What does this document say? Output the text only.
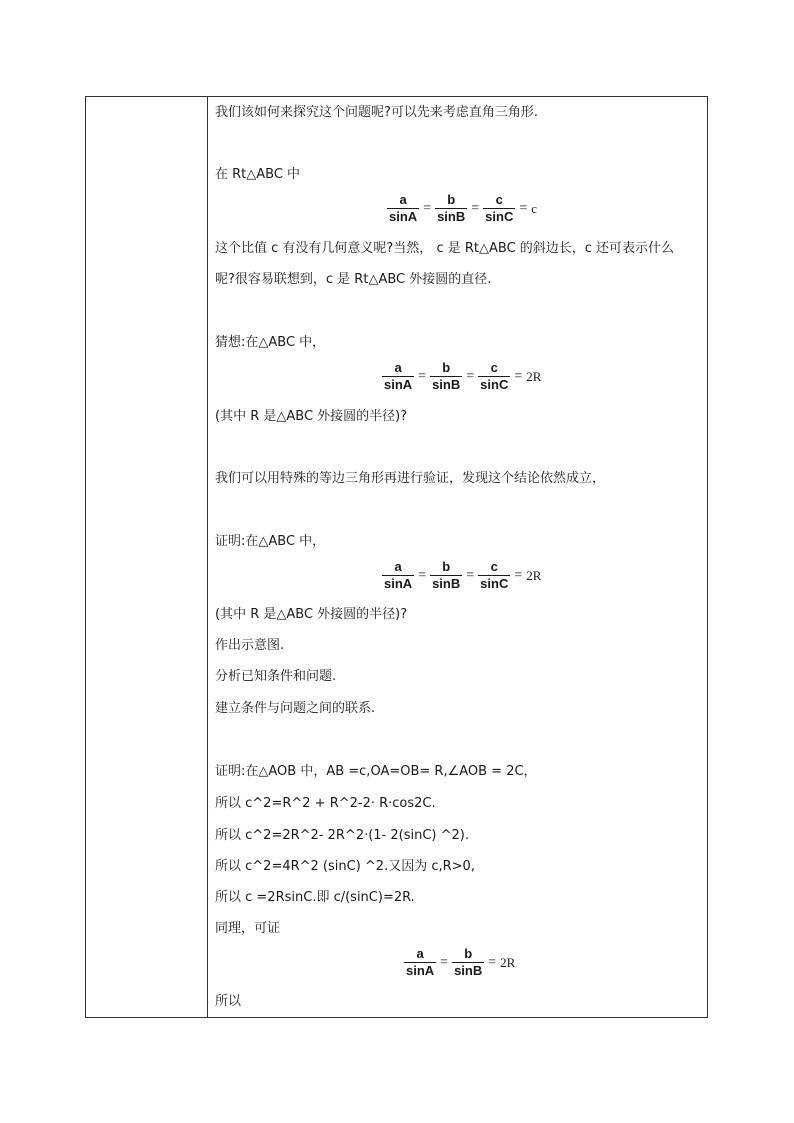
我们该如何来探究这个问题呢?可以先来考虑直角三角形.
在 Rt△ABC 中
$\frac{a}{\sin A} = \frac{b}{\sin B} = \frac{c}{\sin C} = c$
这个比值 c 有没有几何意义呢?当然， c 是 Rt△ABC 的斜边长，c 还可表示什么
呢?很容易联想到，c 是 Rt△ABC 外接圆的直径.
猜想:在△ABC 中，
$\frac{a}{\sin A} = \frac{b}{\sin B} = \frac{c}{\sin C} = 2R$
(其中 R 是△ABC 外接圆的半径)?
我们可以用特殊的等边三角形再进行验证，发现这个结论依然成立，
证明:在△ABC 中，
$\frac{a}{\sin A} = \frac{b}{\sin B} = \frac{c}{\sin C} = 2R$
(其中 R 是△ABC 外接圆的半径)?
作出示意图.
分析已知条件和问题.
建立条件与问题之间的联系.
证明:在△AOB 中，AB =c,OA=OB= R,∠AOB = 2C，
所以 c^2=R^2 + R^2-2· R·cos2C.
所以 c^2=2R^2- 2R^2·(1- 2(sinC) ^2).
所以 c^2=4R^2 (sinC) ^2.又因为 c,R>0,
所以 c =2RsinC.即 c/(sinC)=2R.
同理，可证
$\frac{a}{\sin A} = \frac{b}{\sin B} = 2R$
所以
